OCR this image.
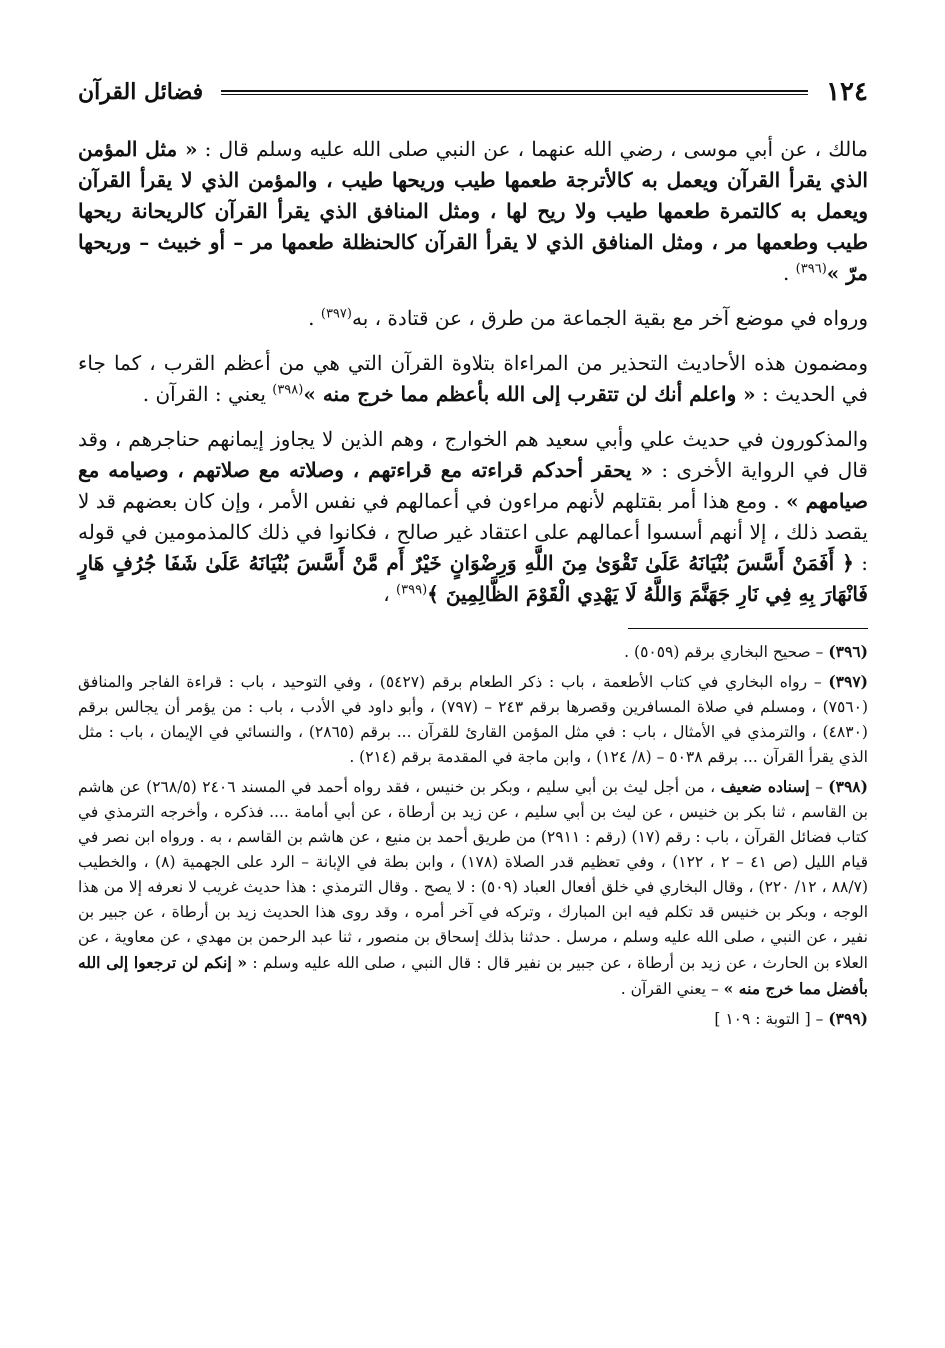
١٢٤
فضائل القرآن

مالك ، عن أبي موسى ، رضي الله عنهما ، عن النبي صلى الله عليه وسلم قال : « مثل المؤمن الذي يقرأ القرآن ويعمل به كالأترجة طعمها طيب وريحها طيب ، والمؤمن الذي لا يقرأ القرآن ويعمل به كالتمرة طعمها طيب ولا ريح لها ، ومثل المنافق الذي يقرأ القرآن كالريحانة ريحها طيب وطعمها مر ، ومثل المنافق الذي لا يقرأ القرآن كالحنظلة طعمها مر – أو خبيث – وريحها مرّ »$^{(٣٩٦)}$ .

ورواه في موضع آخر مع بقية الجماعة من طرق ، عن قتادة ، به$^{(٣٩٧)}$ .

ومضمون هذه الأحاديث التحذير من المراءاة بتلاوة القرآن التي هي من أعظم القرب ، كما جاء في الحديث : « واعلم أنك لن تتقرب إلى الله بأعظم مما خرج منه »$^{(٣٩٨)}$ يعني : القرآن .

والمذكورون في حديث علي وأبي سعيد هم الخوارج ، وهم الذين لا يجاوز إيمانهم حناجرهم ، وقد قال في الرواية الأخرى : « يحقر أحدكم قراءته مع قراءتهم ، وصلاته مع صلاتهم ، وصيامه مع صيامهم » . ومع هذا أمر بقتلهم لأنهم مراءون في أعمالهم في نفس الأمر ، وإن كان بعضهم قد لا يقصد ذلك ، إلا أنهم أسسوا أعمالهم على اعتقاد غير صالح ، فكانوا في ذلك كالمذمومين في قوله : ﴿ أَفَمَنْ أَسَّسَ بُنْيَانَهُ عَلَىٰ تَقْوَىٰ مِنَ اللَّهِ وَرِضْوَانٍ خَيْرٌ أَم مَّنْ أَسَّسَ بُنْيَانَهُ عَلَىٰ شَفَا جُرُفٍ هَارٍ فَانْهَارَ بِهِ فِي نَارِ جَهَنَّمَ وَاللَّهُ لَا يَهْدِي الْقَوْمَ الظَّالِمِينَ ﴾$^{(٣٩٩)}$ ،

(٣٩٦) – صحيح البخاري برقم (٥٠٥٩) .

(٣٩٧) – رواه البخاري في كتاب الأطعمة ، باب : ذكر الطعام برقم (٥٤٢٧) ، وفي التوحيد ، باب : قراءة الفاجر والمنافق (٧٥٦٠) ، ومسلم في صلاة المسافرين وقصرها برقم ٢٤٣ – (٧٩٧) ، وأبو داود في الأدب ، باب : من يؤمر أن يجالس برقم (٤٨٣٠) ، والترمذي في الأمثال ، باب : في مثل المؤمن القارئ للقرآن ... برقم (٢٨٦٥) ، والنسائي في الإيمان ، باب : مثل الذي يقرأ القرآن ... برقم ٥٠٣٨ – (٨/ ١٢٤) ، وابن ماجة في المقدمة برقم (٢١٤) .

(٣٩٨) – إسناده ضعيف ، من أجل ليث بن أبي سليم ، وبكر بن خنيس ، فقد رواه أحمد في المسند ٢٤٠٦ (٢٦٨/٥) عن هاشم بن القاسم ، ثنا بكر بن خنيس ، عن ليث بن أبي سليم ، عن زيد بن أرطاة ، عن أبي أمامة .... فذكره ، وأخرجه الترمذي في كتاب فضائل القرآن ، باب : رقم (١٧) (رقم : ٢٩١١) من طريق أحمد بن منيع ، عن هاشم بن القاسم ، به . ورواه ابن نصر في قيام الليل (ص ٤١ – ٢ ، ١٢٢) ، وفي تعظيم قدر الصلاة (١٧٨) ، وابن بطة في الإبانة – الرد على الجهمية (٨) ، والخطيب (٨٨/٧ ، ١٢/ ٢٢٠) ، وقال البخاري في خلق أفعال العباد (٥٠٩) : لا يصح . وقال الترمذي : هذا حديث غريب لا نعرفه إلا من هذا الوجه ، وبكر بن خنيس قد تكلم فيه ابن المبارك ، وتركه في آخر أمره ، وقد روى هذا الحديث زيد بن أرطاة ، عن جبير بن نفير ، عن النبي ، صلى الله عليه وسلم ، مرسل . حدثنا بذلك إسحاق بن منصور ، ثنا عبد الرحمن بن مهدي ، عن معاوية ، عن العلاء بن الحارث ، عن زيد بن أرطاة ، عن جبير بن نفير قال : قال النبي ، صلى الله عليه وسلم : « إنكم لن ترجعوا إلى الله بأفضل مما خرج منه » – يعني القرآن .

(٣٩٩) – [ التوبة : ١٠٩ ]
